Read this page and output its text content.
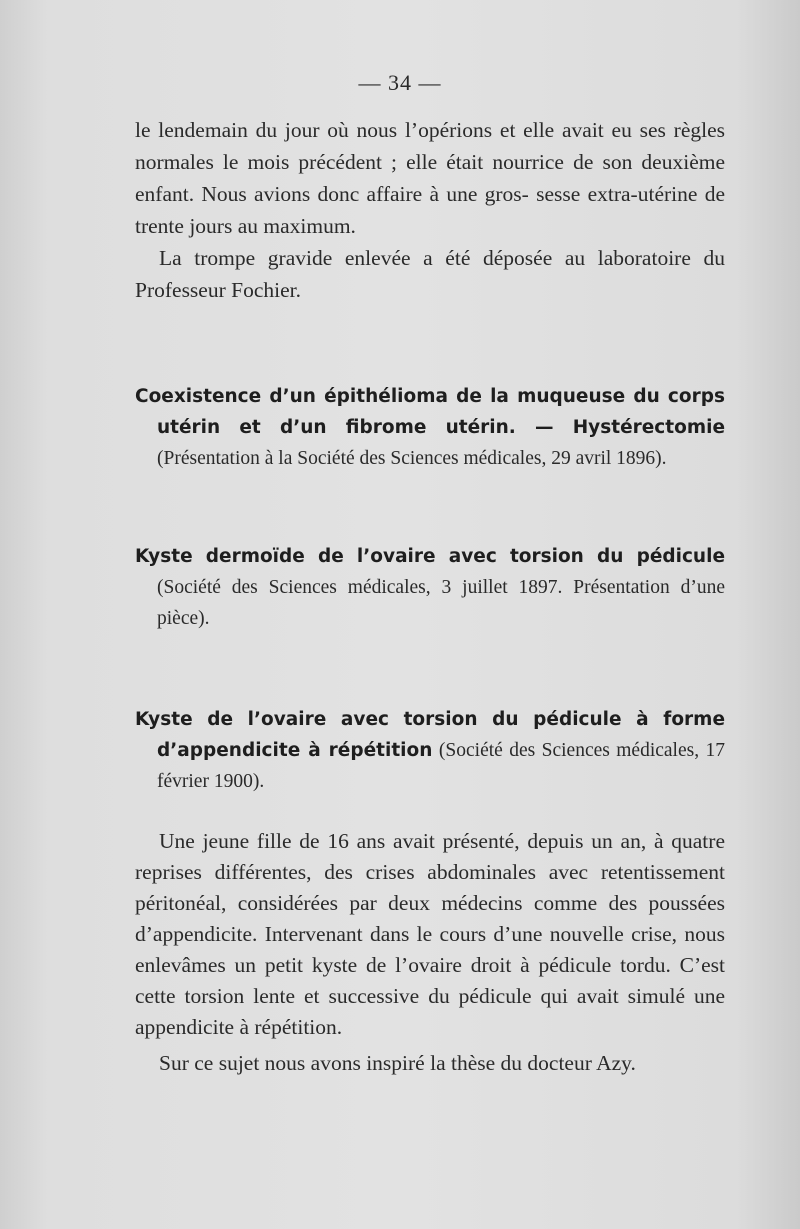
— 34 —

le lendemain du jour où nous l’opérions et elle avait eu ses règles normales le mois précédent ; elle était nourrice de son deuxième enfant. Nous avions donc affaire à une gros- sesse extra-utérine de trente jours au maximum.

La trompe gravide enlevée a été déposée au laboratoire du Professeur Fochier.

Coexistence d’un épithélioma de la muqueuse du corps utérin et d’un fibrome utérin. — Hystérectomie (Présentation à la Société des Sciences médicales, 29 avril 1896).

Kyste dermoïde de l’ovaire avec torsion du pédicule (Société des Sciences médicales, 3 juillet 1897. Présentation d’une pièce).

Kyste de l’ovaire avec torsion du pédicule à forme d’appendicite à répétition (Société des Sciences médicales, 17 février 1900).

Une jeune fille de 16 ans avait présenté, depuis un an, à quatre reprises différentes, des crises abdominales avec retentissement péritonéal, considérées par deux médecins comme des poussées d’appendicite. Intervenant dans le cours d’une nouvelle crise, nous enlevâmes un petit kyste de l’ovaire droit à pédicule tordu. C’est cette torsion lente et successive du pédicule qui avait simulé une appendicite à répétition.

Sur ce sujet nous avons inspiré la thèse du docteur Azy.
